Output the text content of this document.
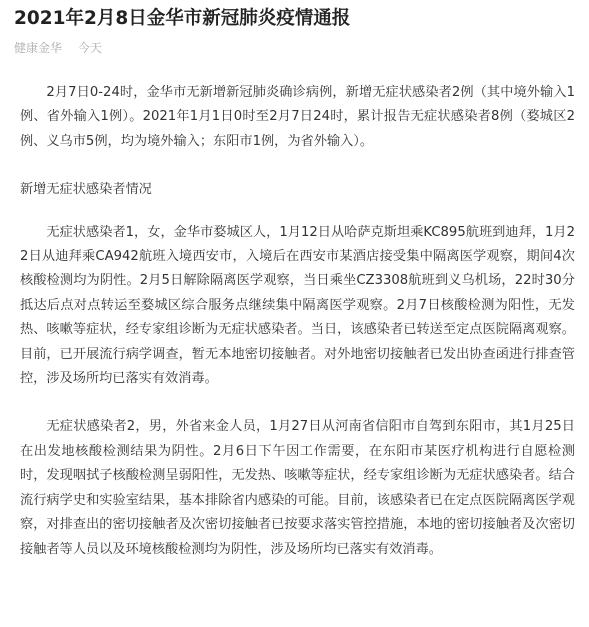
2021年2月8日金华市新冠肺炎疫情通报
健康金华 今天

2月7日0-24时，金华市无新增新冠肺炎确诊病例，新增无症状感染者2例（其中境外输入1例、省外输入1例）。2021年1月1日0时至2月7日24时，累计报告无症状感染者8例（婺城区2例、义乌市5例，均为境外输入；东阳市1例，为省外输入）。

新增无症状感染者情况

无症状感染者1，女，金华市婺城区人，1月12日从哈萨克斯坦乘KC895航班到迪拜，1月22日从迪拜乘CA942航班入境西安市，入境后在西安市某酒店接受集中隔离医学观察，期间4次核酸检测均为阴性。2月5日解除隔离医学观察，当日乘坐CZ3308航班到义乌机场，22时30分抵达后点对点转运至婺城区综合服务点继续集中隔离医学观察。2月7日核酸检测为阳性，无发热、咳嗽等症状，经专家组诊断为无症状感染者。当日，该感染者已转送至定点医院隔离观察。目前，已开展流行病学调查，暂无本地密切接触者。对外地密切接触者已发出协查函进行排查管控，涉及场所均已落实有效消毒。

无症状感染者2，男，外省来金人员，1月27日从河南省信阳市自驾到东阳市，其1月25日在出发地核酸检测结果为阴性。2月6日下午因工作需要，在东阳市某医疗机构进行自愿检测时，发现咽拭子核酸检测呈弱阳性，无发热、咳嗽等症状，经专家组诊断为无症状感染者。结合流行病学史和实验室结果，基本排除省内感染的可能。目前，该感染者已在定点医院隔离医学观察，对排查出的密切接触者及次密切接触者已按要求落实管控措施，本地的密切接触者及次密切接触者等人员以及环境核酸检测均为阴性，涉及场所均已落实有效消毒。
